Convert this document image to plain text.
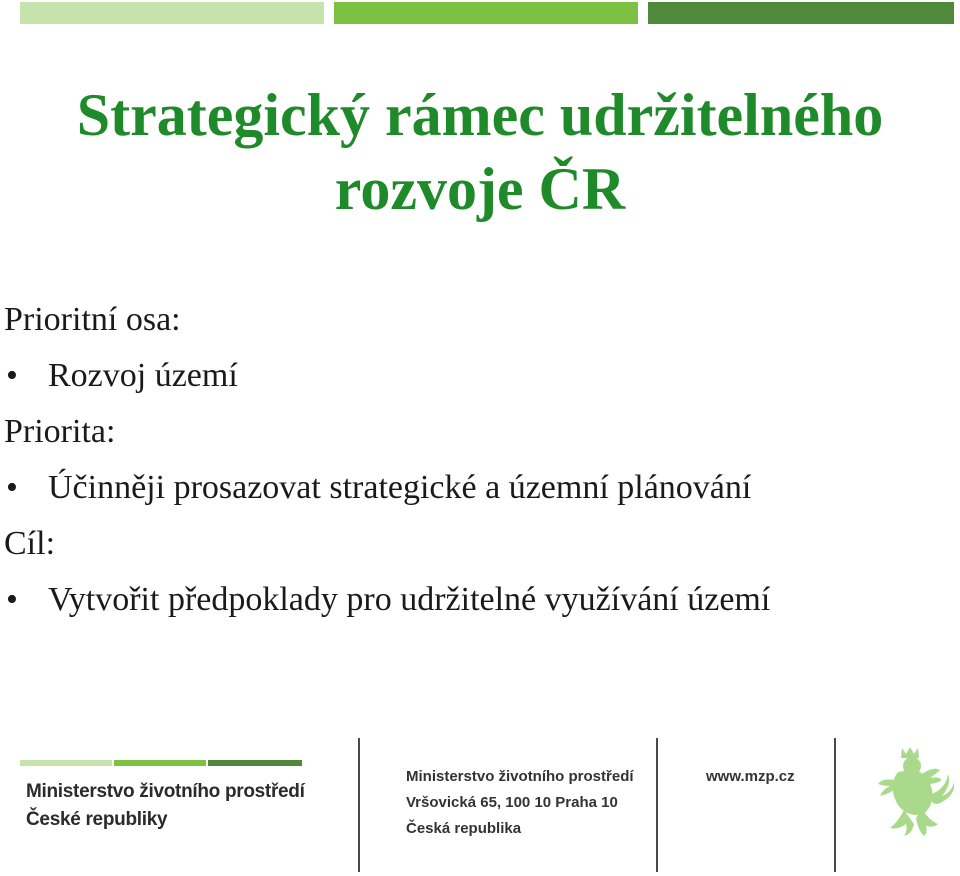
Strategický rámec udržitelného
rozvoje ČR
Prioritní osa:
• Rozvoj území
Priorita:
• Účinněji prosazovat strategické a územní plánování
Cíl:
• Vytvořit předpoklady pro udržitelné využívání území
Ministerstvo životního prostředí
České republiky
Ministerstvo životního prostředí
Vršovická 65, 100 10 Praha 10
Česká republika
www.mzp.cz
